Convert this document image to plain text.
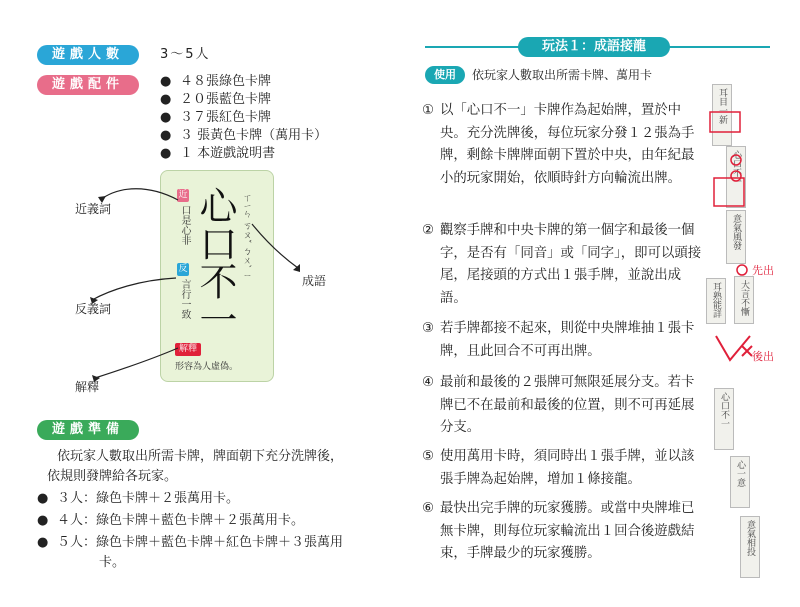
遊戲人數	3～5人
遊戲配件
●	４８張綠色卡牌
● ２０張藍色卡牌
● ３７張紅色卡牌
● ３ 張黃色卡牌（萬用卡）
● １ 本遊戲說明書
心口不一 ㄒㄧㄣ ㄎㄡˇ ㄅㄨˋ ㄧ
近
口是心非
反
言行一致
解釋
形容為人虛偽。
近義詞
反義詞
解釋
成語
遊戲準備
依玩家人數取出所需卡牌，牌面朝下充分洗牌後，
依規則發牌給各玩家。
● ３人：綠色卡牌＋２張萬用卡。
● ４人：綠色卡牌＋藍色卡牌＋２張萬用卡。
● ５人：綠色卡牌＋藍色卡牌＋紅色卡牌＋３張萬用
卡。
玩法１：成語接龍
使用	依玩家人數取出所需卡牌、萬用卡
① 以「心口不一」卡牌作為起始牌，置於中央。充分洗牌後，每位玩家分發１２張為手牌，剩餘卡牌牌面朝下置於中央，由年紀最小的玩家開始，依順時針方向輪流出牌。
② 觀察手牌和中央卡牌的第一個字和最後一個字，是否有「同音」或「同字」，即可以頭接尾，尾接頭的方式出１張手牌，並說出成語。
③ 若手牌都接不起來，則從中央牌堆抽１張卡牌，且此回合不可再出牌。
④ 最前和最後的２張牌可無限延展分支。若卡牌已不在最前和最後的位置，則不可再延展分支。
⑤ 使用萬用卡時，須同時出１張手牌，並以該張手牌為起始牌，增加１條接龍。
⑥ 最快出完手牌的玩家獲勝。或當中央牌堆已無卡牌，則每位玩家輪流出１回合後遊戲結束，手牌最少的玩家獲勝。
耳目一新
心口不一
意氣風發
耳熟能詳 大言不慚
心口不一
心一意
意氣相投
先出
後出
